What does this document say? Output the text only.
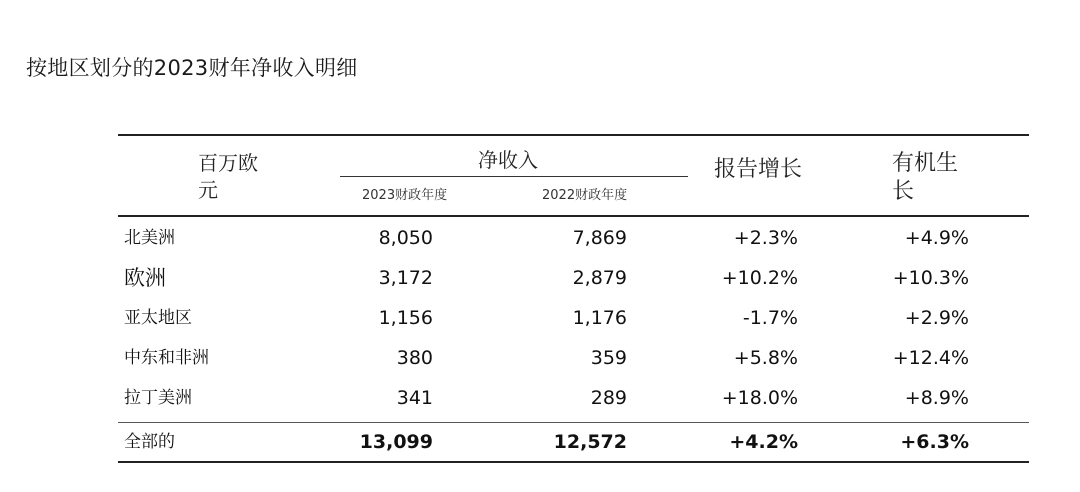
按地区划分的2023财年净收入明细
百万欧
元
净收入
2023财政年度	2022财政年度
报告增长	有机生
长
北美洲	8,050	7,869	+2.3%	+4.9%
欧洲	3,172	2,879	+10.2%	+10.3%
亚太地区	1,156	1,176	-1.7%	+2.9%
中东和非洲	380	359	+5.8%	+12.4%
拉丁美洲	341	289	+18.0%	+8.9%
全部的	13,099	12,572	+4.2%	+6.3%
